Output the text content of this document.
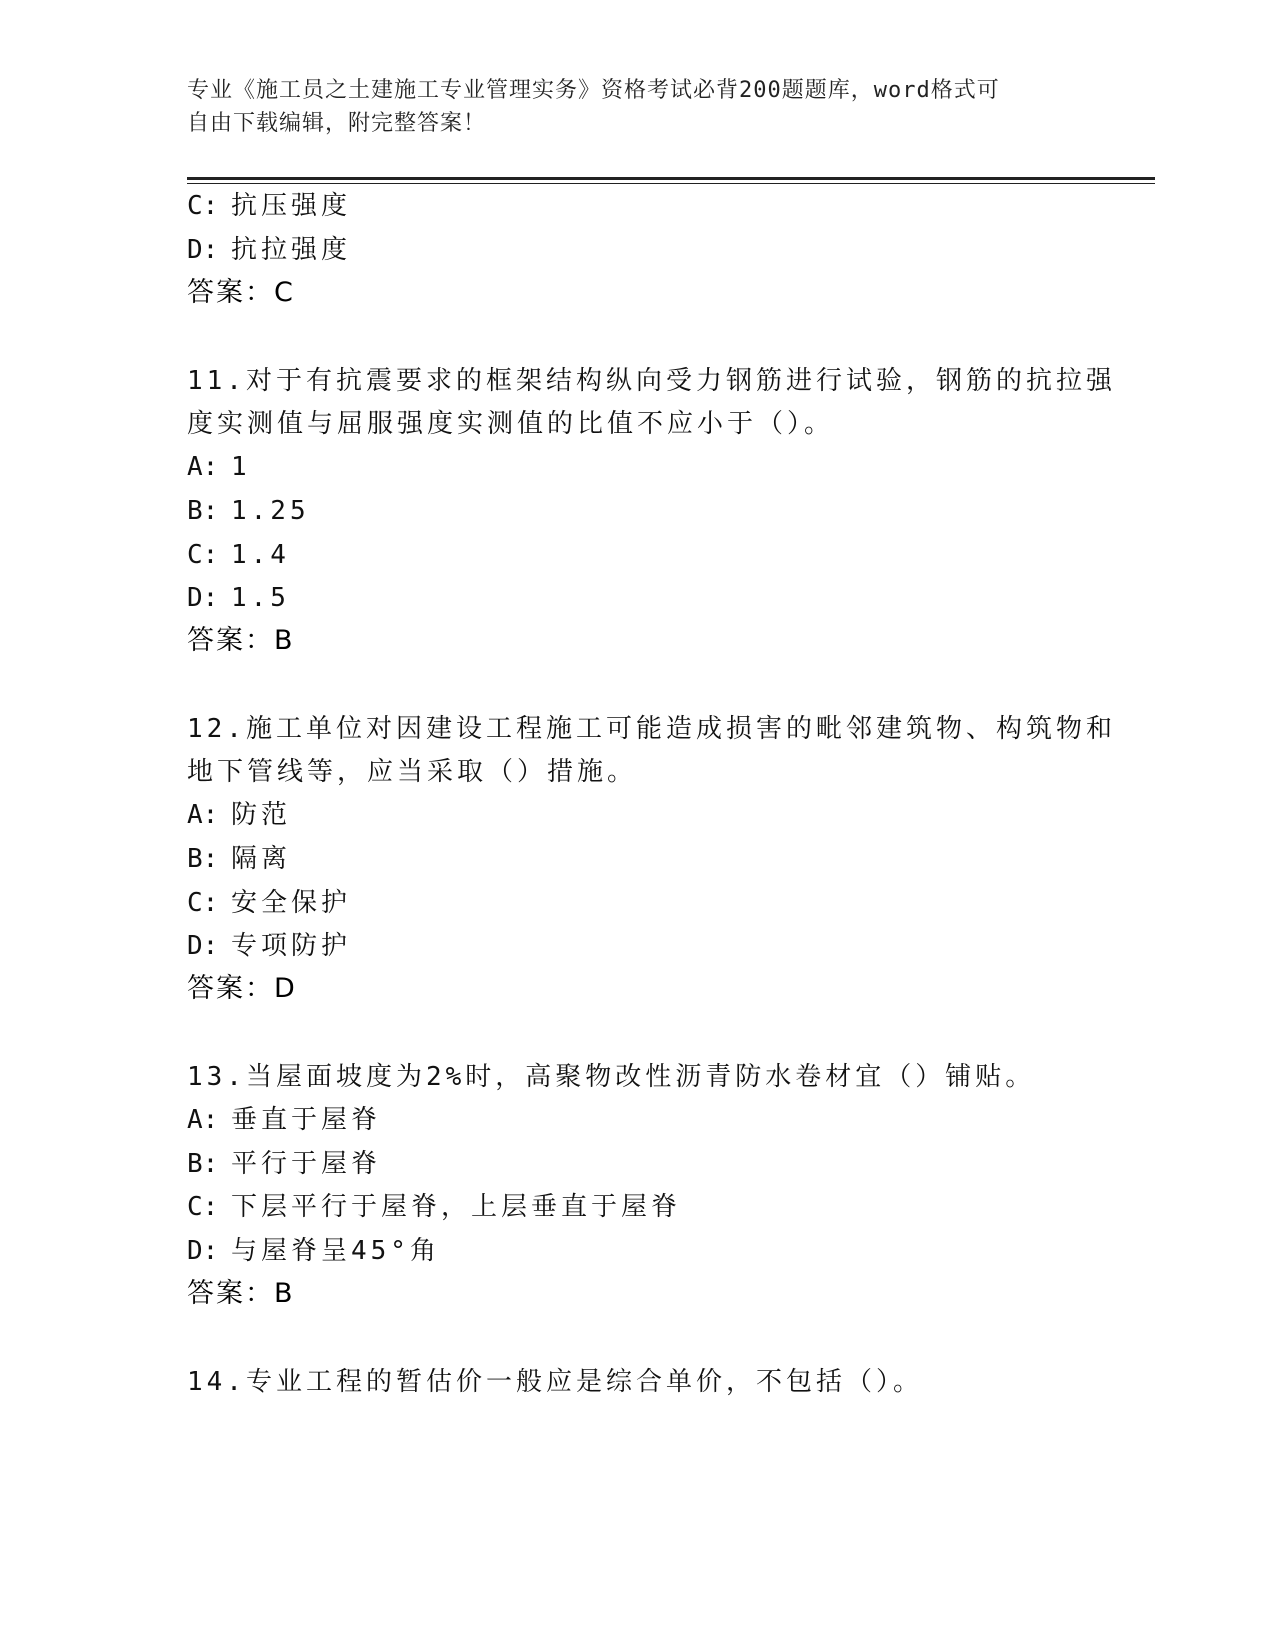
专业《施工员之土建施工专业管理实务》资格考试必背200题题库，word格式可
自由下载编辑，附完整答案！
C: 抗压强度
D: 抗拉强度
答案：C
11.对于有抗震要求的框架结构纵向受力钢筋进行试验，钢筋的抗拉强
度实测值与屈服强度实测值的比值不应小于（）。
A: 1
B: 1.25
C: 1.4
D: 1.5
答案：B
12.施工单位对因建设工程施工可能造成损害的毗邻建筑物、构筑物和
地下管线等，应当采取（）措施。
A: 防范
B: 隔离
C: 安全保护
D: 专项防护
答案：D
13.当屋面坡度为2%时，高聚物改性沥青防水卷材宜（）铺贴。
A: 垂直于屋脊
B: 平行于屋脊
C: 下层平行于屋脊，上层垂直于屋脊
D: 与屋脊呈45°角
答案：B
14.专业工程的暂估价一般应是综合单价，不包括（）。
